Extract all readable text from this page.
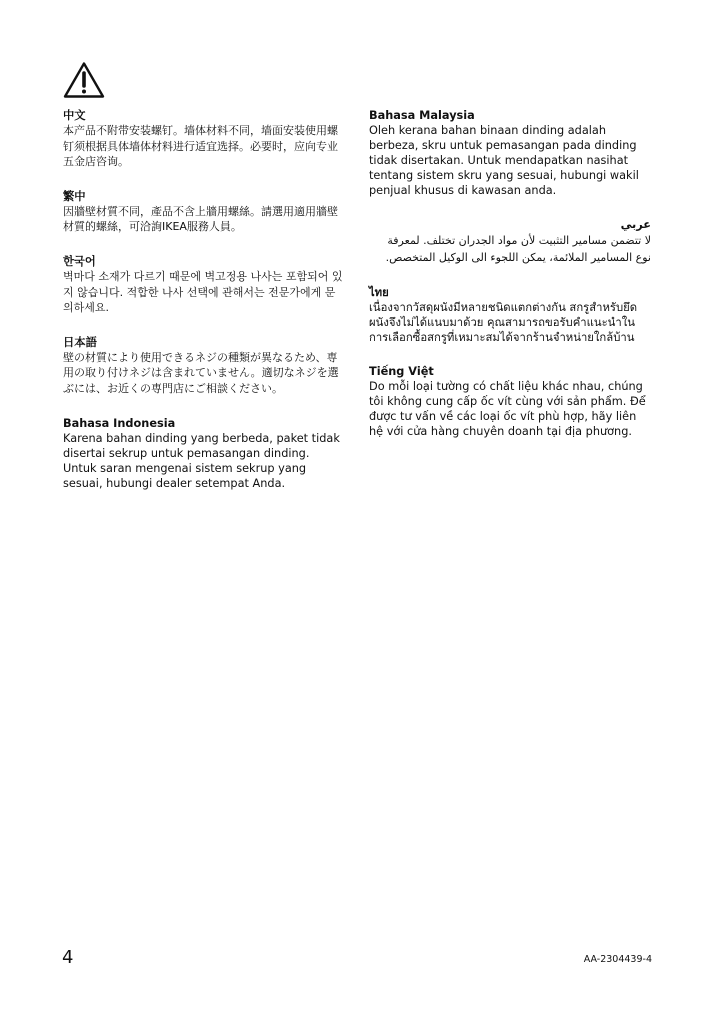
中文

本产品不附带安装螺钉。墙体材料不同，墙面安装使用螺钉须根据具体墙体材料进行适宜选择。必要时，应向专业五金店咨询。

繁中

因牆壁材質不同，產品不含上牆用螺絲。請選用適用牆壁材質的螺絲，可洽詢IKEA服務人員。

한국어

벽마다 소재가 다르기 때문에 벽고정용 나사는 포함되어 있지 않습니다. 적합한 나사 선택에 관해서는 전문가에게 문의하세요.

日本語

壁の材質により使用できるネジの種類が異なるため、専用の取り付けネジは含まれていません。適切なネジを選ぶには、お近くの専門店にご相談ください。

Bahasa Indonesia

Karena bahan dinding yang berbeda, paket tidak disertai sekrup untuk pemasangan dinding. Untuk saran mengenai sistem sekrup yang sesuai, hubungi dealer setempat Anda.

Bahasa Malaysia

Oleh kerana bahan binaan dinding adalah berbeza, skru untuk pemasangan pada dinding tidak disertakan. Untuk mendapatkan nasihat tentang sistem skru yang sesuai, hubungi wakil penjual khusus di kawasan anda.

عربي

لا تتضمن مسامير التثبيت لأن مواد الجدران تختلف. لمعرفة نوع المسامير الملائمة، يمكن اللجوء الى الوكيل المتخصص.

ไทย

เนื่องจากวัสดุผนังมีหลายชนิดแตกต่างกัน สกรูสำหรับยึดผนังจึงไม่ได้แนบมาด้วย คุณสามารถขอรับคำแนะนำในการเลือกซื้อสกรูที่เหมาะสมได้จากร้านจำหน่ายใกล้บ้าน

Tiếng Việt

Do mỗi loại tường có chất liệu khác nhau, chúng tôi không cung cấp ốc vít cùng với sản phẩm. Để được tư vấn về các loại ốc vít phù hợp, hãy liên hệ với cửa hàng chuyên doanh tại địa phương.

4	AA-2304439-4
